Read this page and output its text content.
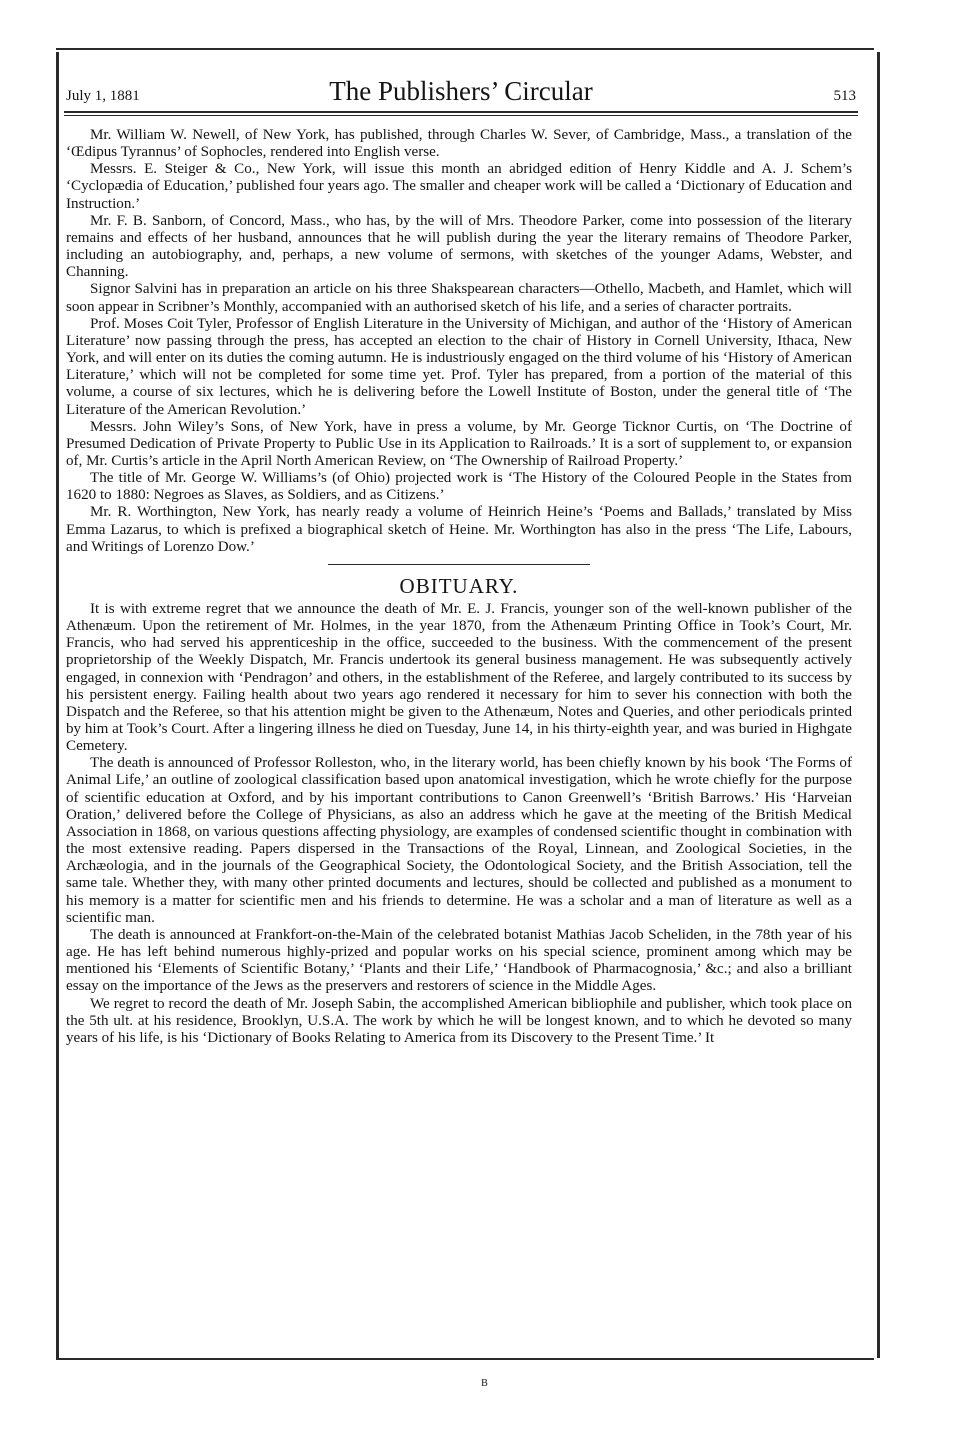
July 1, 1881	The Publishers’ Circular	513

Mr. William W. Newell, of New York, has published, through Charles W. Sever, of Cambridge, Mass., a translation of the ‘Œdipus Tyrannus’ of Sophocles, rendered into English verse.

Messrs. E. Steiger & Co., New York, will issue this month an abridged edition of Henry Kiddle and A. J. Schem’s ‘Cyclopædia of Education,’ published four years ago. The smaller and cheaper work will be called a ‘Dictionary of Education and Instruction.’

Mr. F. B. Sanborn, of Concord, Mass., who has, by the will of Mrs. Theodore Parker, come into possession of the literary remains and effects of her husband, announces that he will publish during the year the literary remains of Theodore Parker, including an autobiography, and, perhaps, a new volume of sermons, with sketches of the younger Adams, Webster, and Channing.

Signor Salvini has in preparation an article on his three Shakspearean characters—Othello, Macbeth, and Hamlet, which will soon appear in Scribner’s Monthly, accompanied with an authorised sketch of his life, and a series of character portraits.

Prof. Moses Coit Tyler, Professor of English Literature in the University of Michigan, and author of the ‘History of American Literature’ now passing through the press, has accepted an election to the chair of History in Cornell University, Ithaca, New York, and will enter on its duties the coming autumn. He is industriously engaged on the third volume of his ‘History of American Literature,’ which will not be completed for some time yet. Prof. Tyler has prepared, from a portion of the material of this volume, a course of six lectures, which he is delivering before the Lowell Institute of Boston, under the general title of ‘The Literature of the American Revolution.’

Messrs. John Wiley’s Sons, of New York, have in press a volume, by Mr. George Ticknor Curtis, on ‘The Doctrine of Presumed Dedication of Private Property to Public Use in its Application to Railroads.’ It is a sort of supplement to, or expansion of, Mr. Curtis’s article in the April North American Review, on ‘The Ownership of Railroad Property.’

The title of Mr. George W. Williams’s (of Ohio) projected work is ‘The History of the Coloured People in the States from 1620 to 1880: Negroes as Slaves, as Soldiers, and as Citizens.’

Mr. R. Worthington, New York, has nearly ready a volume of Heinrich Heine’s ‘Poems and Ballads,’ translated by Miss Emma Lazarus, to which is prefixed a biographical sketch of Heine. Mr. Worthington has also in the press ‘The Life, Labours, and Writings of Lorenzo Dow.’

OBITUARY.

It is with extreme regret that we announce the death of Mr. E. J. Francis, younger son of the well-known publisher of the Athenæum. Upon the retirement of Mr. Holmes, in the year 1870, from the Athenæum Printing Office in Took’s Court, Mr. Francis, who had served his apprenticeship in the office, succeeded to the business. With the commencement of the present proprietorship of the Weekly Dispatch, Mr. Francis undertook its general business management. He was subsequently actively engaged, in connexion with ‘Pendragon’ and others, in the establishment of the Referee, and largely contributed to its success by his persistent energy. Failing health about two years ago rendered it necessary for him to sever his connection with both the Dispatch and the Referee, so that his attention might be given to the Athenæum, Notes and Queries, and other periodicals printed by him at Took’s Court. After a lingering illness he died on Tuesday, June 14, in his thirty-eighth year, and was buried in Highgate Cemetery.

The death is announced of Professor Rolleston, who, in the literary world, has been chiefly known by his book ‘The Forms of Animal Life,’ an outline of zoological classification based upon anatomical investigation, which he wrote chiefly for the purpose of scientific education at Oxford, and by his important contributions to Canon Greenwell’s ‘British Barrows.’ His ‘Harveian Oration,’ delivered before the College of Physicians, as also an address which he gave at the meeting of the British Medical Association in 1868, on various questions affecting physiology, are examples of condensed scientific thought in combination with the most extensive reading. Papers dispersed in the Transactions of the Royal, Linnean, and Zoological Societies, in the Archæologia, and in the journals of the Geographical Society, the Odontological Society, and the British Association, tell the same tale. Whether they, with many other printed documents and lectures, should be collected and published as a monument to his memory is a matter for scientific men and his friends to determine. He was a scholar and a man of literature as well as a scientific man.

The death is announced at Frankfort-on-the-Main of the celebrated botanist Mathias Jacob Scheliden, in the 78th year of his age. He has left behind numerous highly-prized and popular works on his special science, prominent among which may be mentioned his ‘Elements of Scientific Botany,’ ‘Plants and their Life,’ ‘Handbook of Pharmacognosia,’ &c.; and also a brilliant essay on the importance of the Jews as the preservers and restorers of science in the Middle Ages.

We regret to record the death of Mr. Joseph Sabin, the accomplished American bibliophile and publisher, which took place on the 5th ult. at his residence, Brooklyn, U.S.A. The work by which he will be longest known, and to which he devoted so many years of his life, is his ‘Dictionary of Books Relating to America from its Discovery to the Present Time.’ It

B
